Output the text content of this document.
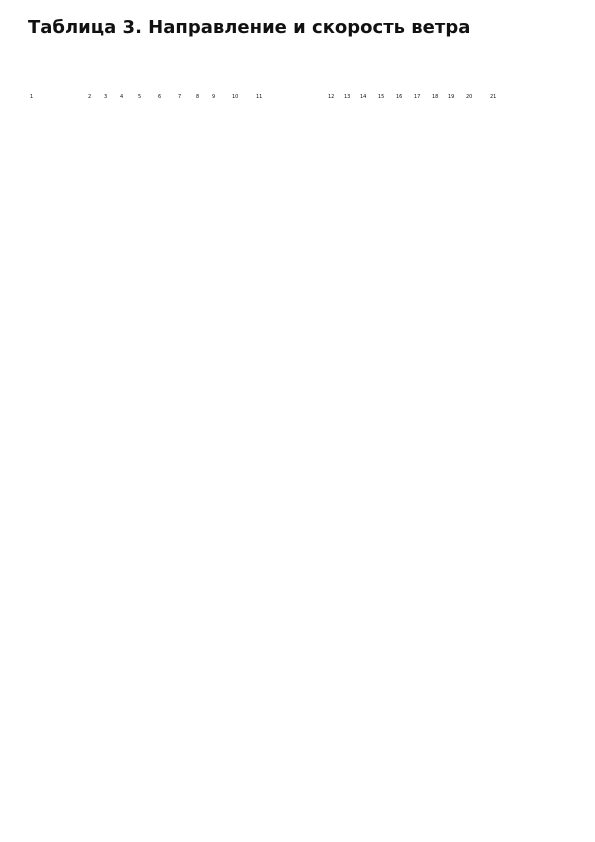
Таблица 3. Направление и скорость ветра
1	2	3	4	5	6	7	8	9	10	11	12 13 14 15 16 17 18 19 20	21
